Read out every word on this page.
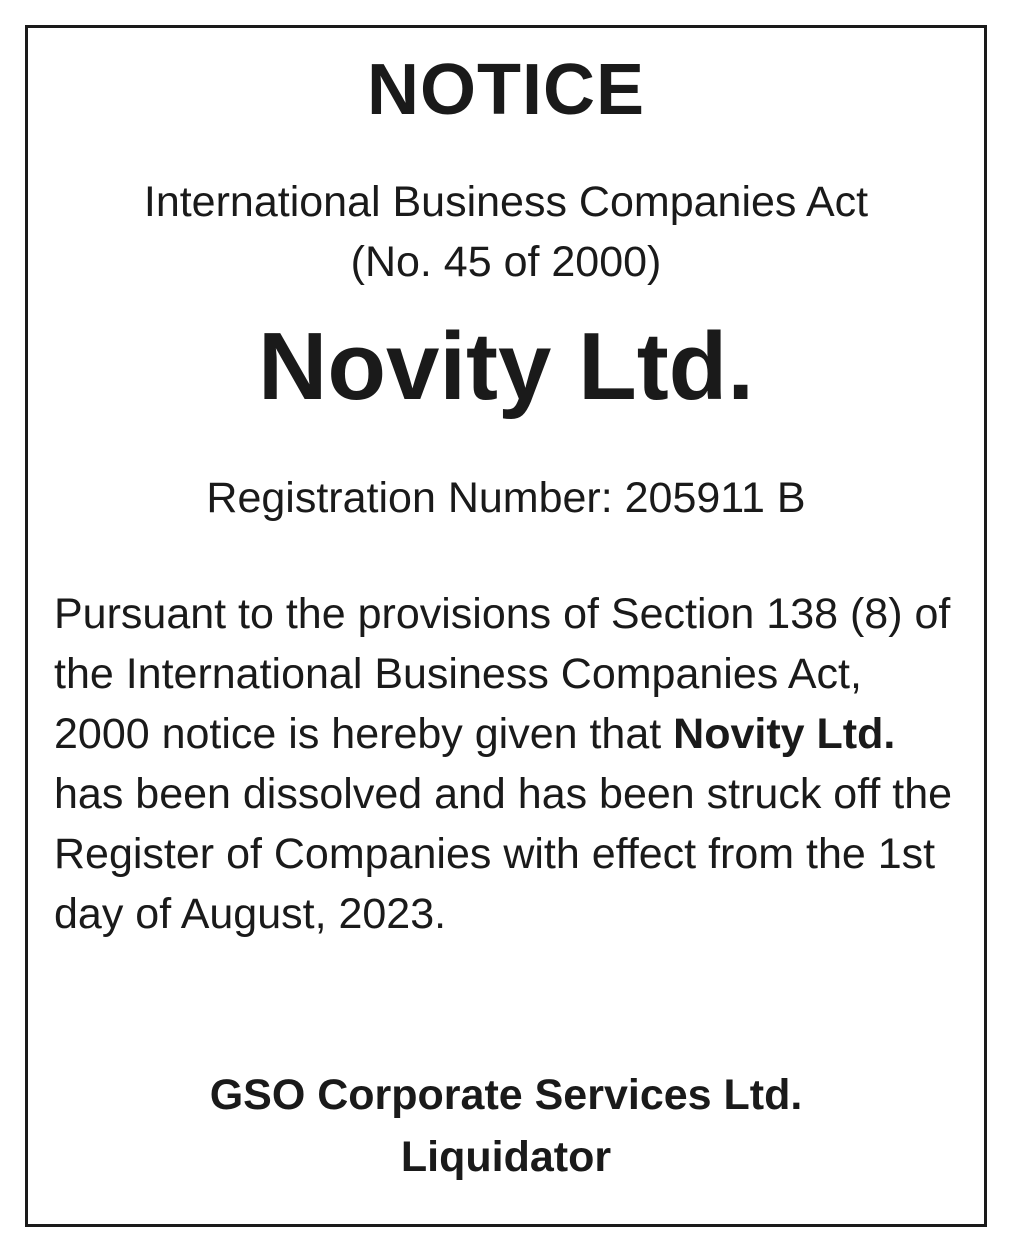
NOTICE
International Business Companies Act
(No. 45 of 2000)
Novity Ltd.
Registration Number: 205911 B
Pursuant to the provisions of Section 138 (8) of the International Business Companies Act, 2000 notice is hereby given that Novity Ltd. has been dissolved and has been struck off the Register of Companies with effect from the 1st day of August, 2023.
GSO Corporate Services Ltd.
Liquidator
